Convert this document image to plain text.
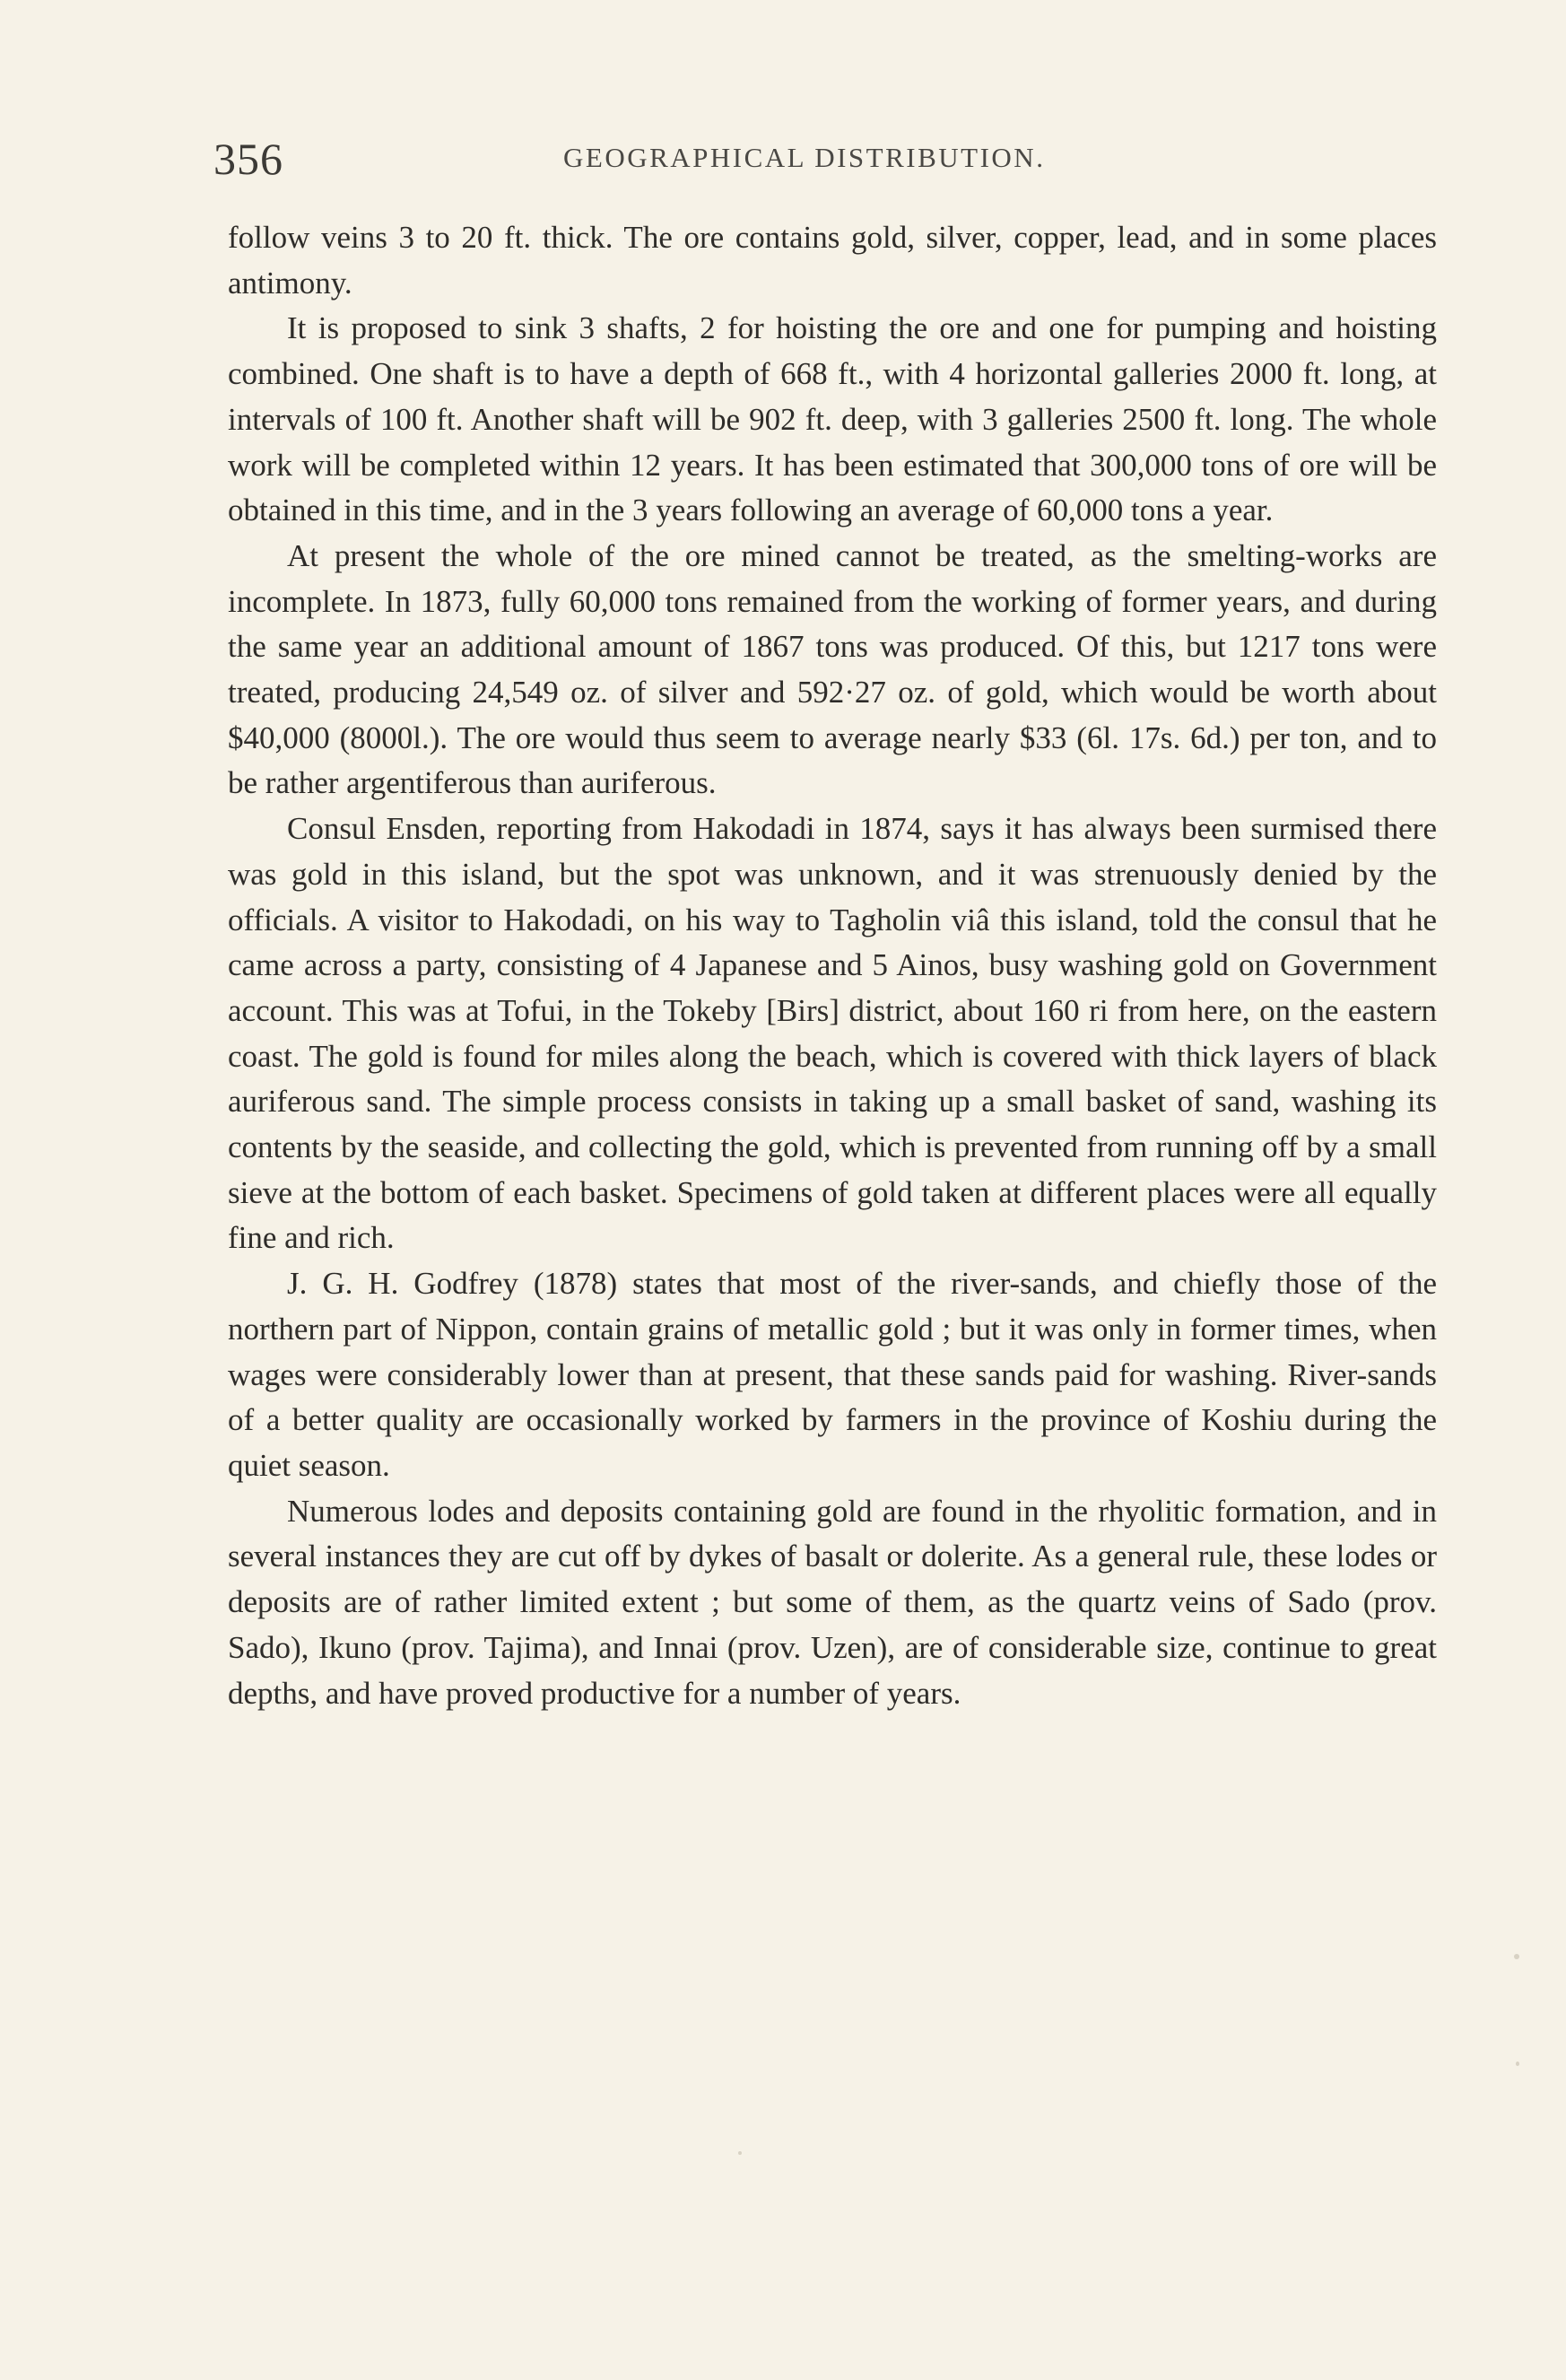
356	GEOGRAPHICAL DISTRIBUTION.

follow veins 3 to 20 ft. thick. The ore contains gold, silver, copper, lead, and in some places antimony.

It is proposed to sink 3 shafts, 2 for hoisting the ore and one for pumping and hoisting combined. One shaft is to have a depth of 668 ft., with 4 horizontal galleries 2000 ft. long, at intervals of 100 ft. Another shaft will be 902 ft. deep, with 3 galleries 2500 ft. long. The whole work will be completed within 12 years. It has been estimated that 300,000 tons of ore will be obtained in this time, and in the 3 years following an average of 60,000 tons a year.

At present the whole of the ore mined cannot be treated, as the smelting-works are incomplete. In 1873, fully 60,000 tons remained from the working of former years, and during the same year an additional amount of 1867 tons was produced. Of this, but 1217 tons were treated, producing 24,549 oz. of silver and 592·27 oz. of gold, which would be worth about $40,000 (8000l.). The ore would thus seem to average nearly $33 (6l. 17s. 6d.) per ton, and to be rather argentiferous than auriferous.

Consul Ensden, reporting from Hakodadi in 1874, says it has always been surmised there was gold in this island, but the spot was unknown, and it was strenuously denied by the officials. A visitor to Hakodadi, on his way to Tagholin viâ this island, told the consul that he came across a party, consisting of 4 Japanese and 5 Ainos, busy washing gold on Government account. This was at Tofui, in the Tokeby [Birs] district, about 160 ri from here, on the eastern coast. The gold is found for miles along the beach, which is covered with thick layers of black auriferous sand. The simple process consists in taking up a small basket of sand, washing its contents by the seaside, and collecting the gold, which is prevented from running off by a small sieve at the bottom of each basket. Specimens of gold taken at different places were all equally fine and rich.

J. G. H. Godfrey (1878) states that most of the river-sands, and chiefly those of the northern part of Nippon, contain grains of metallic gold ; but it was only in former times, when wages were considerably lower than at present, that these sands paid for washing. River-sands of a better quality are occasionally worked by farmers in the province of Koshiu during the quiet season.

Numerous lodes and deposits containing gold are found in the rhyolitic formation, and in several instances they are cut off by dykes of basalt or dolerite. As a general rule, these lodes or deposits are of rather limited extent ; but some of them, as the quartz veins of Sado (prov. Sado), Ikuno (prov. Tajima), and Innai (prov. Uzen), are of considerable size, continue to great depths, and have proved productive for a number of years.
